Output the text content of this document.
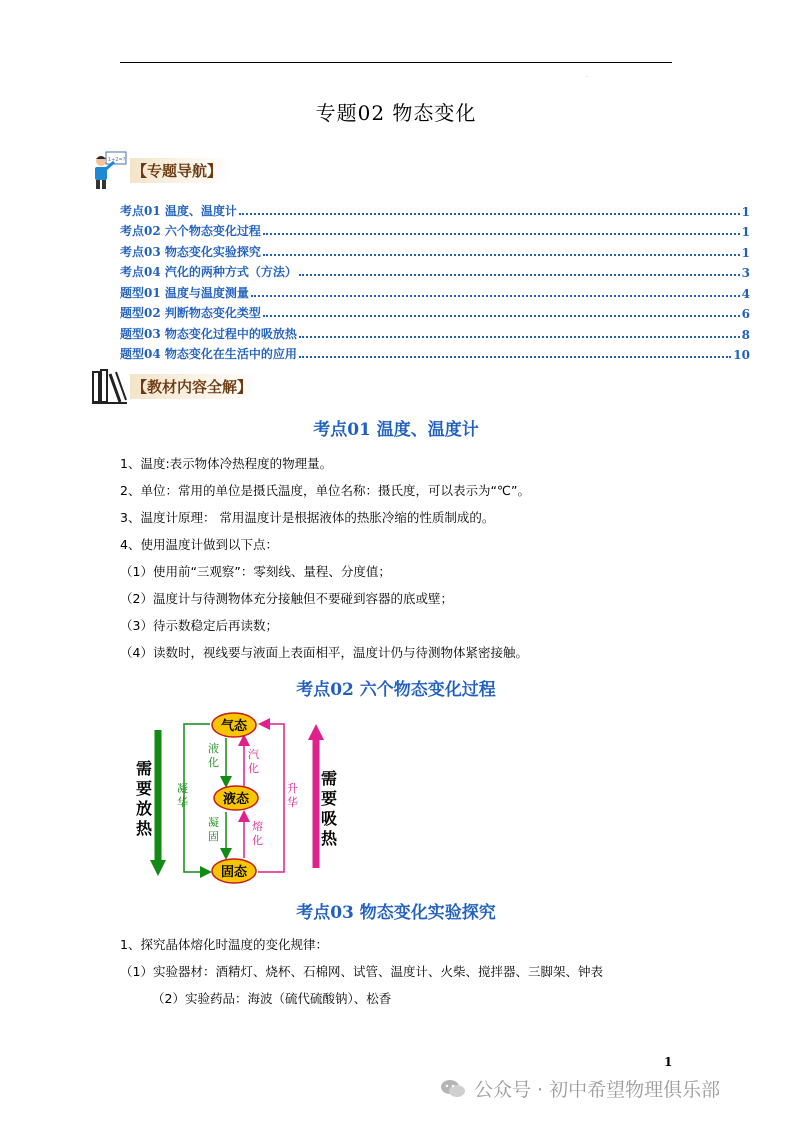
.
专题02 物态变化
1+2=?
【专题导航】
考点01 温度、温度计	1
考点02 六个物态变化过程	1
考点03 物态变化实验探究	1
考点04 汽化的两种方式（方法）	3
题型01 温度与温度测量	4
题型02 判断物态变化类型	6
题型03 物态变化过程中的吸放热	8
题型04 物态变化在生活中的应用	10
【教材内容全解】
考点01 温度、温度计
1、温度:表示物体冷热程度的物理量。
2、单位：常用的单位是摄氏温度，单位名称：摄氏度，可以表示为“℃”。
3、温度计原理： 常用温度计是根据液体的热胀冷缩的性质制成的。
4、使用温度计做到以下点：
（1）使用前“三观察”：零刻线、量程、分度值；
（2）温度计与待测物体充分接触但不要碰到容器的底或壁；
（3）待示数稳定后再读数；
（4）读数时，视线要与液面上表面相平，温度计仍与待测物体紧密接触。
考点02 六个物态变化过程
需 要 放 热
需 要 吸 热
凝华
升华
液化
汽化
凝固
熔化
气态
液态
固态
考点03 物态变化实验探究
1、探究晶体熔化时温度的变化规律：
（1）实验器材：酒精灯、烧杯、石棉网、试管、温度计、火柴、搅拌器、三脚架、钟表
（2）实验药品：海波（硫代硫酸钠）、松香
1
公众号 · 初中希望物理俱乐部
